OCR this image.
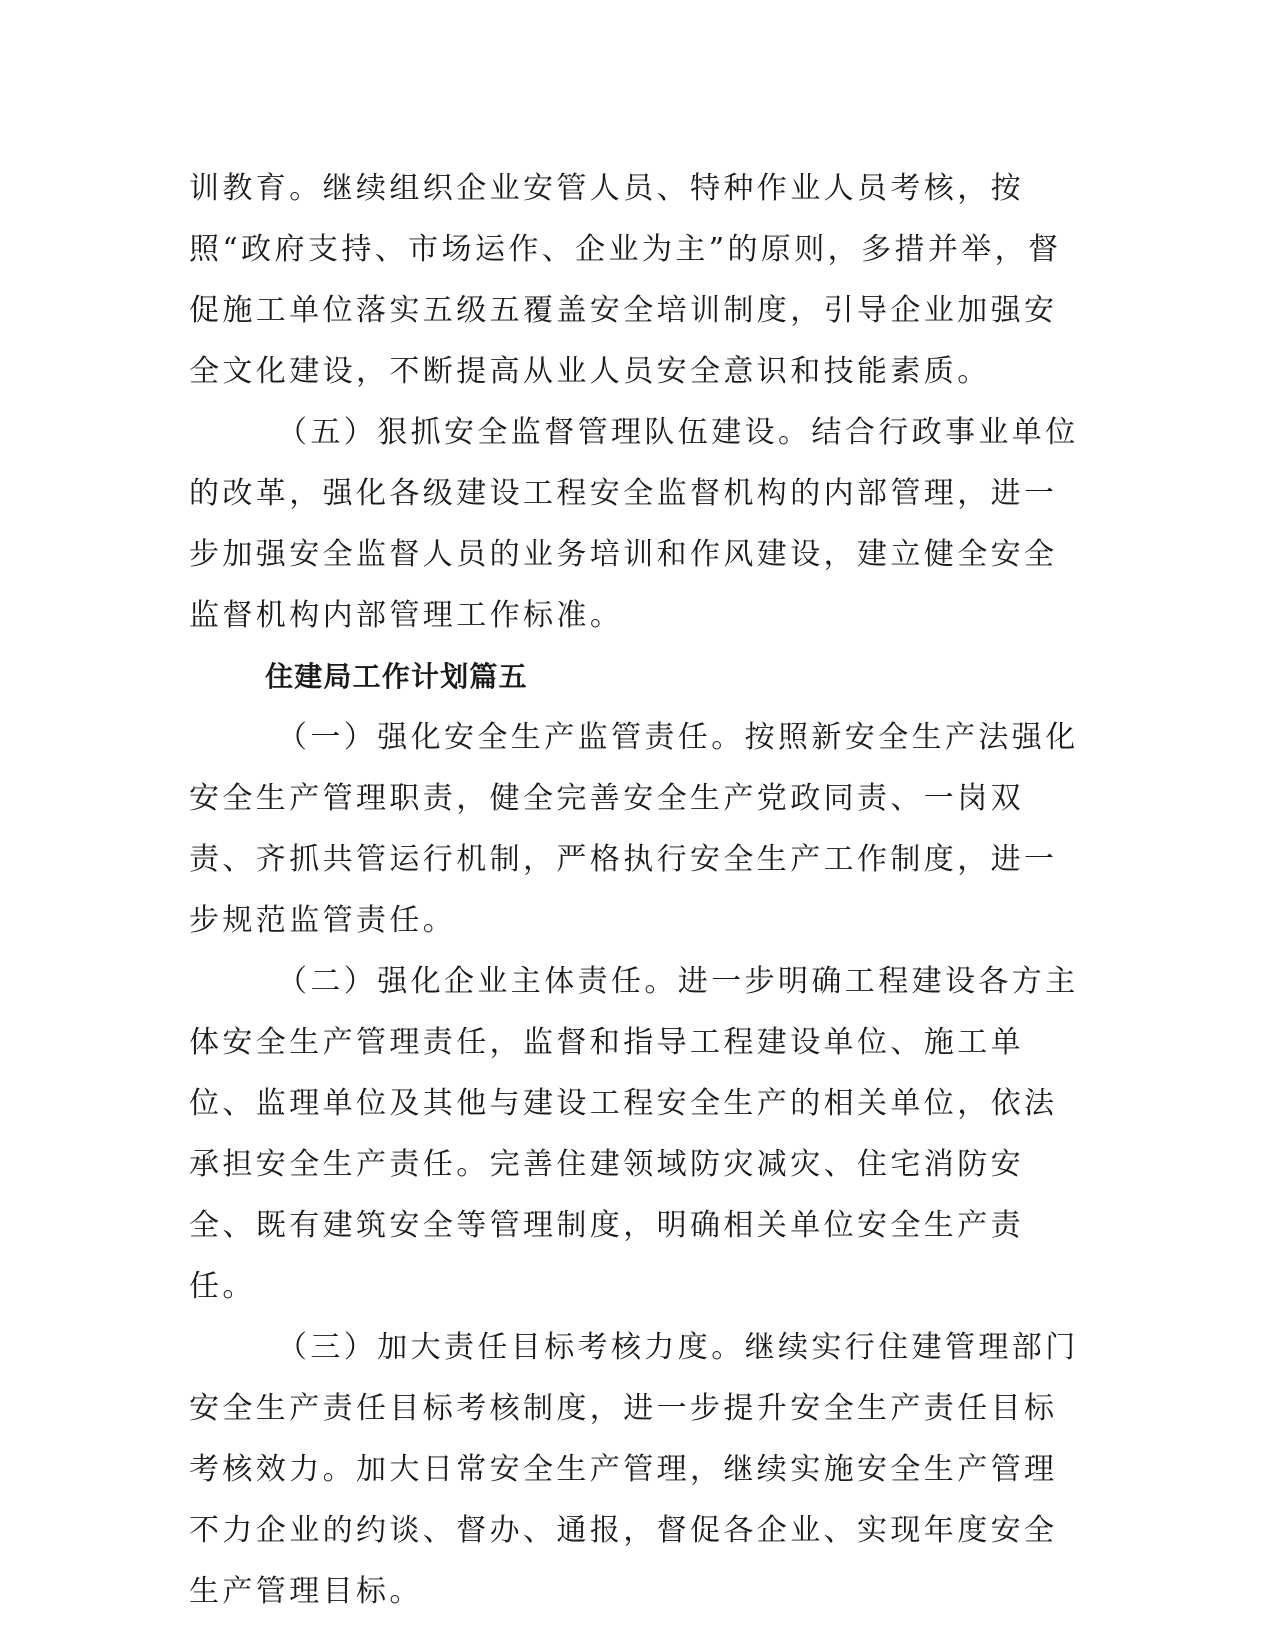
训教育。继续组织企业安管人员、特种作业人员考核，按照“政府支持、市场运作、企业为主”的原则，多措并举，督促施工单位落实五级五覆盖安全培训制度，引导企业加强安全文化建设，不断提高从业人员安全意识和技能素质。

（五）狠抓安全监督管理队伍建设。结合行政事业单位的改革，强化各级建设工程安全监督机构的内部管理，进一步加强安全监督人员的业务培训和作风建设，建立健全安全监督机构内部管理工作标准。

住建局工作计划篇五

（一）强化安全生产监管责任。按照新安全生产法强化安全生产管理职责，健全完善安全生产党政同责、一岗双责、齐抓共管运行机制，严格执行安全生产工作制度，进一步规范监管责任。

（二）强化企业主体责任。进一步明确工程建设各方主体安全生产管理责任，监督和指导工程建设单位、施工单位、监理单位及其他与建设工程安全生产的相关单位，依法承担安全生产责任。完善住建领域防灾减灾、住宅消防安全、既有建筑安全等管理制度，明确相关单位安全生产责任。

（三）加大责任目标考核力度。继续实行住建管理部门安全生产责任目标考核制度，进一步提升安全生产责任目标考核效力。加大日常安全生产管理，继续实施安全生产管理不力企业的约谈、督办、通报，督促各企业、实现年度安全生产管理目标。
